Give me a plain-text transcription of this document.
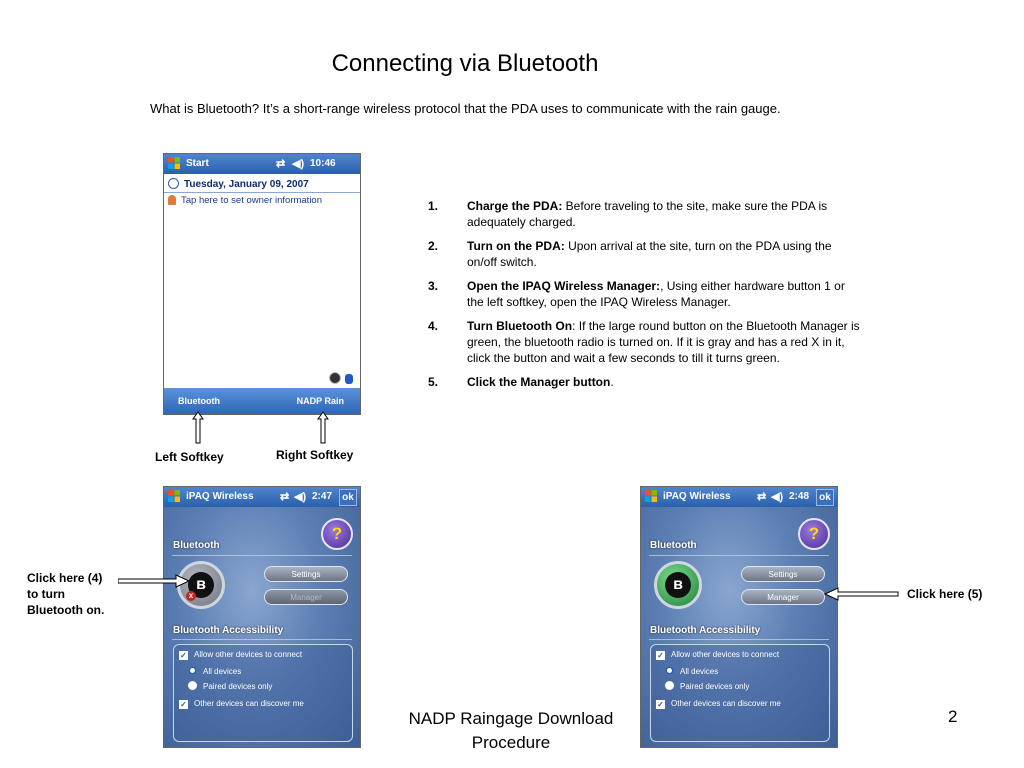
Connecting via Bluetooth
What is Bluetooth? It’s a short-range wireless protocol that the PDA uses to communicate with the rain gauge.
Start	⇄ ◀) 10:46
Tuesday, January 09, 2007
Tap here to set owner information
Bluetooth	NADP Rain
Left Softkey	Right Softkey
1. Charge the PDA: Before traveling to the site, make sure the PDA is adequately charged.
2. Turn on the PDA: Upon arrival at the site, turn on the PDA using the on/off switch.
3. Open the IPAQ Wireless Manager:, Using either hardware button 1 or the left softkey, open the IPAQ Wireless Manager.
4. Turn Bluetooth On: If the large round button on the Bluetooth Manager is green, the bluetooth radio is turned on. If it is gray and has a red X in it, click the button and wait a few seconds to till it turns green.
5. Click the Manager button.
iPAQ Wireless ⇄ ◀) 2:47	ok
?
Bluetooth
ʙ
x
Settings
Manager
Bluetooth Accessibility
✓ Allow other devices to connect
All devices
Paired devices only
✓ Other devices can discover me
Click here (4)
to turn
Bluetooth on.
iPAQ Wireless ⇄ ◀) 2:48	ok
?
Bluetooth
ʙ
Settings
Manager
Bluetooth Accessibility
✓ Allow other devices to connect
All devices
Paired devices only
✓ Other devices can discover me
Click here (5)
NADP Raingage Download
Procedure
2
